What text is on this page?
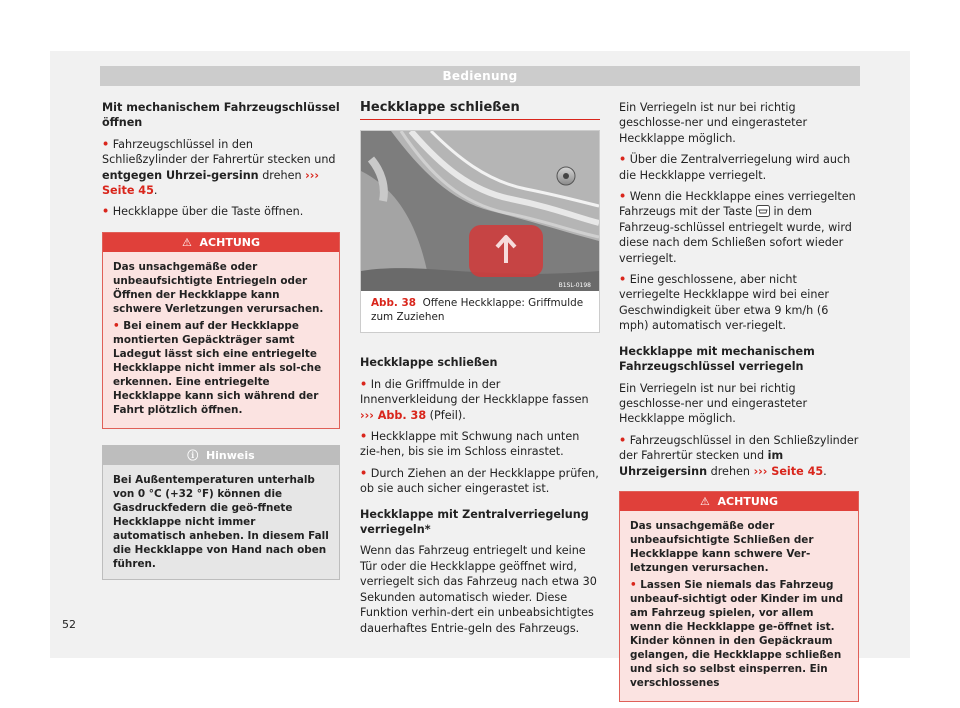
Bedienung

Mit mechanischem Fahrzeugschlüssel öffnen

• Fahrzeugschlüssel in den Schließzylinder der Fahrertür stecken und entgegen Uhrzei-gersinn drehen ››› Seite 45.

• Heckklappe über die Taste öffnen.

⚠ ACHTUNG

Das unsachgemäße oder unbeaufsichtigte Entriegeln oder Öffnen der Heckklappe kann schwere Verletzungen verursachen.

• Bei einem auf der Heckklappe montierten Gepäckträger samt Ladegut lässt sich eine entriegelte Heckklappe nicht immer als sol-che erkennen. Eine entriegelte Heckklappe kann sich während der Fahrt plötzlich öffnen.

ⓘ Hinweis
Bei Außentemperaturen unterhalb von 0 °C (+32 °F) können die Gasdruckfedern die geö-ffnete Heckklappe nicht immer automatisch anheben. In diesem Fall die Heckklappe von Hand nach oben führen.
Heckklappe schließen
B1SL-0198
Abb. 38 Offene Heckklappe: Griffmulde zum Zuziehen

Heckklappe schließen

• In die Griffmulde in der Innenverkleidung der Heckklappe fassen ››› Abb. 38 (Pfeil).

• Heckklappe mit Schwung nach unten zie-hen, bis sie im Schloss einrastet.

• Durch Ziehen an der Heckklappe prüfen, ob sie auch sicher eingerastet ist.

Heckklappe mit Zentralverriegelung verriegeln*

Wenn das Fahrzeug entriegelt und keine Tür oder die Heckklappe geöffnet wird, verriegelt sich das Fahrzeug nach etwa 30 Sekunden automatisch wieder. Diese Funktion verhin-dert ein unbeabsichtigtes dauerhaftes Entrie-geln des Fahrzeugs.

Ein Verriegeln ist nur bei richtig geschlosse-ner und eingerasteter Heckklappe möglich.

• Über die Zentralverriegelung wird auch die Heckklappe verriegelt.

• Wenn die Heckklappe eines verriegelten Fahrzeugs mit der Taste in dem Fahrzeug-schlüssel entriegelt wurde, wird diese nach dem Schließen sofort wieder verriegelt.

• Eine geschlossene, aber nicht verriegelte Heckklappe wird bei einer Geschwindigkeit über etwa 9 km/h (6 mph) automatisch ver-riegelt.

Heckklappe mit mechanischem Fahrzeugschlüssel verriegeln

Ein Verriegeln ist nur bei richtig geschlosse-ner und eingerasteter Heckklappe möglich.

• Fahrzeugschlüssel in den Schließzylinder der Fahrertür stecken und im Uhrzeigersinn drehen ››› Seite 45.

⚠ ACHTUNG

Das unsachgemäße oder unbeaufsichtigte Schließen der Heckklappe kann schwere Ver-letzungen verursachen.

• Lassen Sie niemals das Fahrzeug unbeauf-sichtigt oder Kinder im und am Fahrzeug spielen, vor allem wenn die Heckklappe ge-öffnet ist. Kinder können in den Gepäckraum gelangen, die Heckklappe schließen und sich so selbst einsperren. Ein verschlossenes

52
